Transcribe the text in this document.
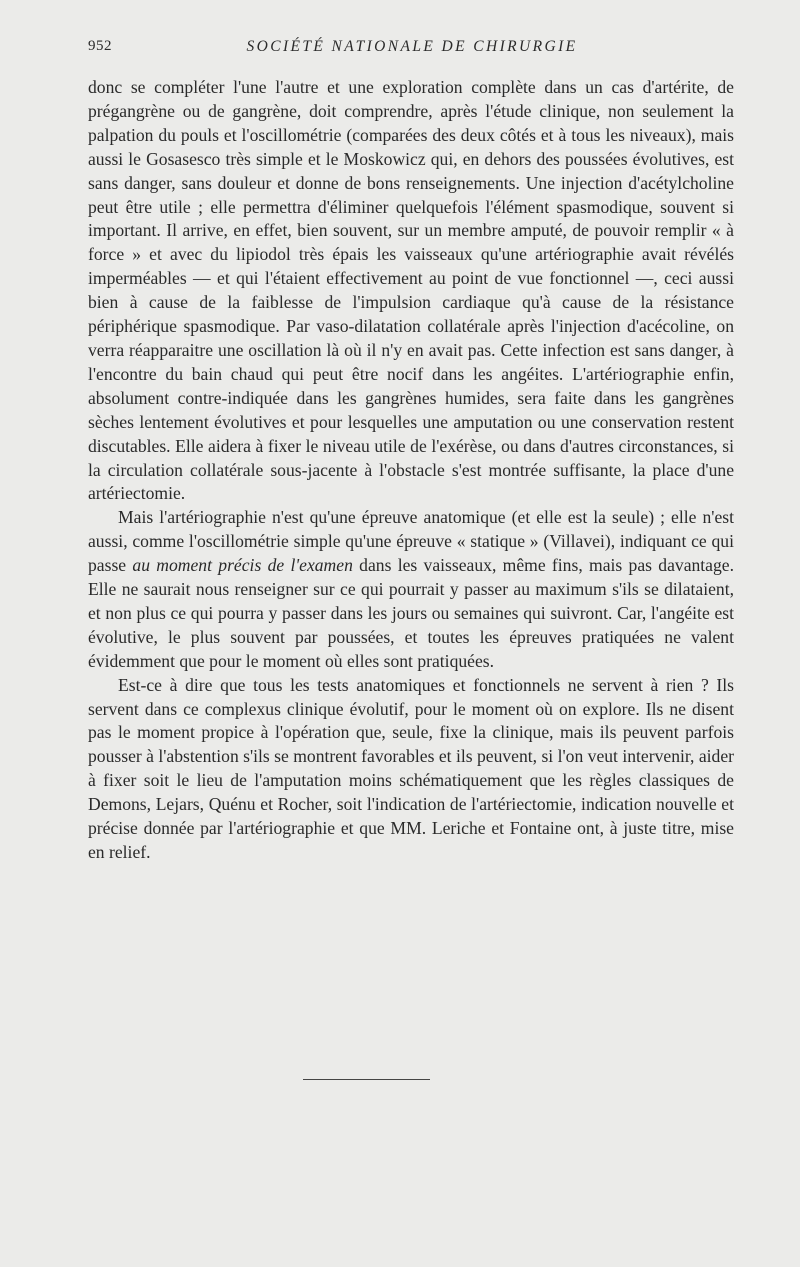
952	SOCIÉTÉ NATIONALE DE CHIRURGIE

donc se compléter l'une l'autre et une exploration complète dans un cas d'artérite, de prégangrène ou de gangrène, doit comprendre, après l'étude clinique, non seulement la palpation du pouls et l'oscillométrie (comparées des deux côtés et à tous les niveaux), mais aussi le Gosasesco très simple et le Moskowicz qui, en dehors des poussées évolutives, est sans danger, sans douleur et donne de bons renseignements. Une injection d'acétylcholine peut être utile ; elle permettra d'éliminer quelquefois l'élément spasmodique, souvent si important. Il arrive, en effet, bien souvent, sur un membre amputé, de pouvoir remplir « à force » et avec du lipiodol très épais les vaisseaux qu'une artériographie avait révélés imperméables — et qui l'étaient effectivement au point de vue fonctionnel —, ceci aussi bien à cause de la faiblesse de l'impulsion cardiaque qu'à cause de la résistance périphérique spasmodique. Par vaso-dilatation collatérale après l'injection d'acécoline, on verra réapparaitre une oscillation là où il n'y en avait pas. Cette infection est sans danger, à l'encontre du bain chaud qui peut être nocif dans les angéites. L'artériographie enfin, absolument contre-indiquée dans les gangrènes humides, sera faite dans les gangrènes sèches lentement évolutives et pour lesquelles une amputation ou une conservation restent discutables. Elle aidera à fixer le niveau utile de l'exérèse, ou dans d'autres circonstances, si la circulation collatérale sous-jacente à l'obstacle s'est montrée suffisante, la place d'une artériectomie.

Mais l'artériographie n'est qu'une épreuve anatomique (et elle est la seule) ; elle n'est aussi, comme l'oscillométrie simple qu'une épreuve « statique » (Villavei), indiquant ce qui passe au moment précis de l'examen dans les vaisseaux, même fins, mais pas davantage. Elle ne saurait nous renseigner sur ce qui pourrait y passer au maximum s'ils se dilataient, et non plus ce qui pourra y passer dans les jours ou semaines qui suivront. Car, l'angéite est évolutive, le plus souvent par poussées, et toutes les épreuves pratiquées ne valent évidemment que pour le moment où elles sont pratiquées.

Est-ce à dire que tous les tests anatomiques et fonctionnels ne servent à rien ? Ils servent dans ce complexus clinique évolutif, pour le moment où on explore. Ils ne disent pas le moment propice à l'opération que, seule, fixe la clinique, mais ils peuvent parfois pousser à l'abstention s'ils se montrent favorables et ils peuvent, si l'on veut intervenir, aider à fixer soit le lieu de l'amputation moins schématiquement que les règles classiques de Demons, Lejars, Quénu et Rocher, soit l'indication de l'artériectomie, indication nouvelle et précise donnée par l'artériographie et que MM. Leriche et Fontaine ont, à juste titre, mise en relief.
